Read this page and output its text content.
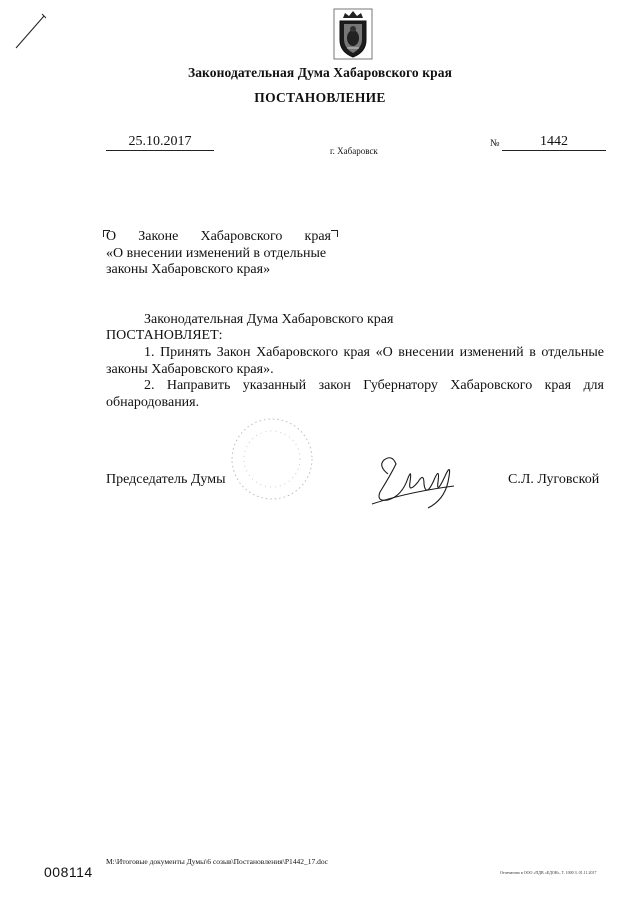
Законодательная Дума Хабаровского края
ПОСТАНОВЛЕНИЕ
25.10.2017
г. Хабаровск
№	1442
О Законе Хабаровского края
«О внесении изменений в отдельные
законы Хабаровского края»
Законодательная Дума Хабаровского края
ПОСТАНОВЛЯЕТ:
1. Принять Закон Хабаровского края «О внесении изменений в отдельные законы Хабаровского края».
2. Направить указанный закон Губернатору Хабаровского края для обнародования.
Председатель Думы	С.Л. Луговской
M:\Итоговые документы Думы\6 созыв\Постановления\P1442_17.doc
008114	Отпечатано в ООО «ПДВ «ЕДОН», Т. 1000 З. 01.11.2017
